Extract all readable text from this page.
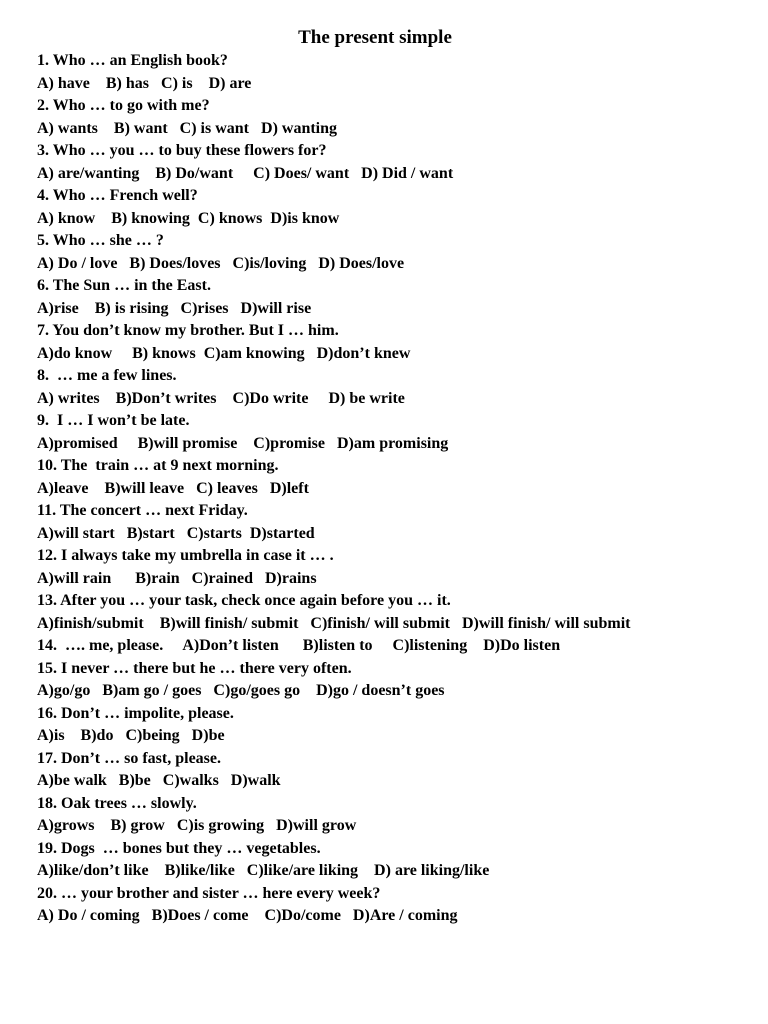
The present simple
1. Who … an English book?
A) have    B) has   C) is    D) are
2. Who … to go with me?
A) wants    B) want   C) is want   D) wanting
3. Who … you … to buy these flowers for?
A) are/wanting    B) Do/want     C) Does/ want   D) Did / want
4. Who … French well?
A) know    B) knowing  C) knows  D)is know
5. Who … she … ?
A) Do / love   B) Does/loves   C)is/loving   D) Does/love
6. The Sun … in the East.
A)rise    B) is rising   C)rises   D)will rise
7. You don’t know my brother. But I … him.
A)do know     B) knows  C)am knowing   D)don’t knew
8.  … me a few lines.
A) writes    B)Don’t writes    C)Do write     D) be write
9.  I … I won’t be late.
A)promised     B)will promise    C)promise   D)am promising
10. The  train … at 9 next morning.
A)leave    B)will leave   C) leaves   D)left
11. The concert … next Friday.
A)will start   B)start   C)starts  D)started
12. I always take my umbrella in case it … .
A)will rain      B)rain   C)rained   D)rains
13. After you … your task, check once again before you … it.
A)finish/submit    B)will finish/ submit   C)finish/ will submit   D)will finish/ will submit
14.  …. me, please.     A)Don’t listen      B)listen to     C)listening    D)Do listen
15. I never … there but he … there very often.
A)go/go   B)am go / goes   C)go/goes go    D)go / doesn’t goes
16. Don’t … impolite, please.
A)is    B)do   C)being   D)be
17. Don’t … so fast, please.
A)be walk   B)be   C)walks   D)walk
18. Oak trees … slowly.
A)grows    B) grow   C)is growing   D)will grow
19. Dogs  … bones but they … vegetables.
A)like/don’t like    B)like/like   C)like/are liking    D) are liking/like
20. … your brother and sister … here every week?
A) Do / coming   B)Does / come    C)Do/come   D)Are / coming
